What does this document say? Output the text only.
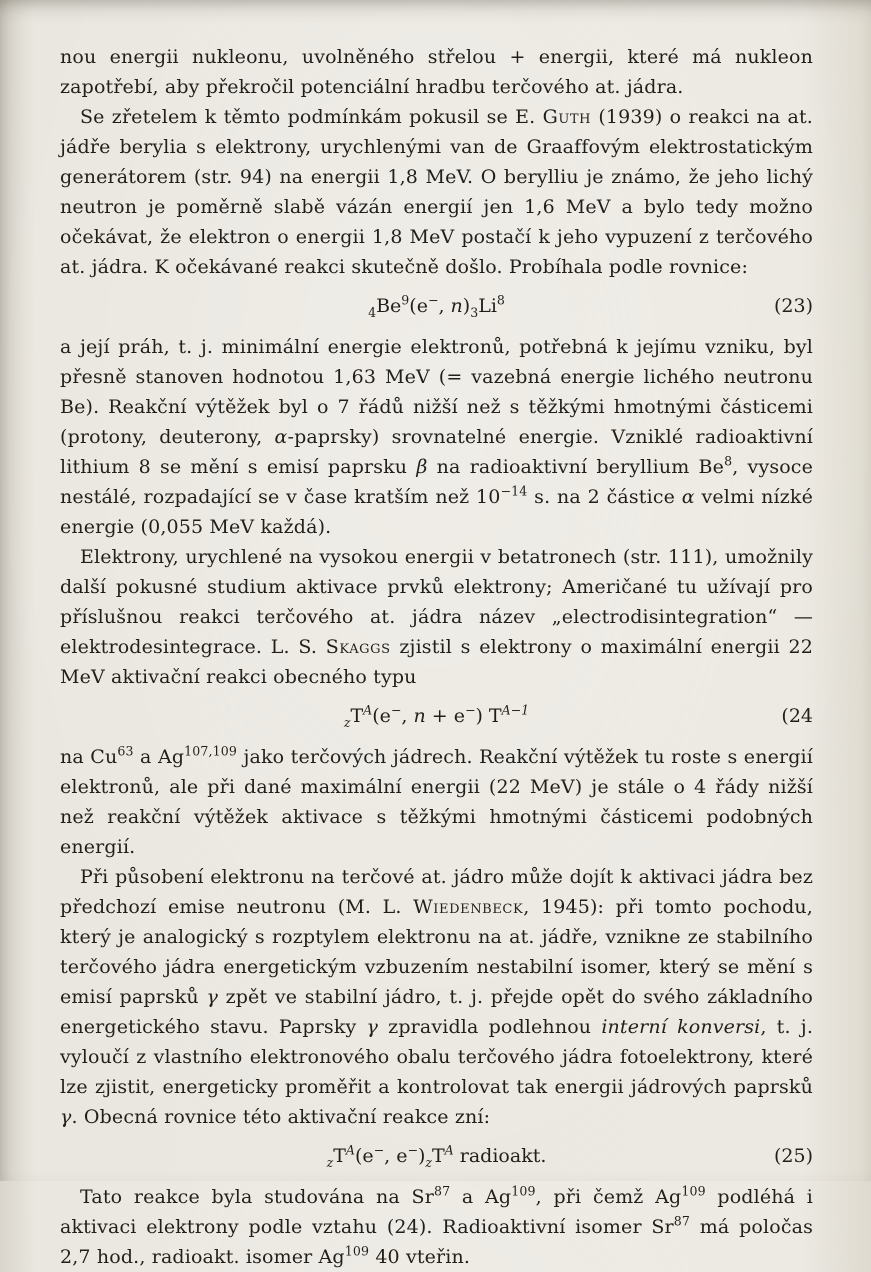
nou energii nukleonu, uvolněného střelou + energii, které má nukleon zapotřebí, aby překročil potenciální hradbu terčového at. jádra.

Se zřetelem k těmto podmínkám pokusil se E. Guth (1939) o reakci na at. jádře berylia s elektrony, urychlenými van de Graaffovým elektrostatickým generátorem (str. 94) na energii 1,8 MeV. O berylliu je známo, že jeho lichý neutron je poměrně slabě vázán energií jen 1,6 MeV a bylo tedy možno očekávat, že elektron o energii 1,8 MeV postačí k jeho vypuzení z terčového at. jádra. K očekávané reakci skutečně došlo. Probíhala podle rovnice:

$_4Be^9(e^-$, $n)_3Li^8$	(23)

a její práh, t. j. minimální energie elektronů, potřebná k jejímu vzniku, byl přesně stanoven hodnotou 1,63 MeV (= vazebná energie lichého neutronu Be). Reakční výtěžek byl o 7 řádů nižší než s těžkými hmotnými částicemi (protony, deuterony, α-paprsky) srovnatelné energie. Vzniklé radioaktivní lithium 8 se mění s emisí paprsku β na radioaktivní beryllium Be$^8$, vysoce nestálé, rozpadající se v čase kratším než $10^{-14}$ s. na 2 částice α velmi nízké energie (0,055 MeV každá).

Elektrony, urychlené na vysokou energii v betatronech (str. 111), umožnily další pokusné studium aktivace prvků elektrony; Američané tu užívají pro příslušnou reakci terčového at. jádra název „electrodisintegration“ — elektrodesintegrace. L. S. Skaggs zjistil s elektrony o maximální energii 22 MeV aktivační reakci obecného typu

$_zT^A(e^-$, n + e−) $T^{A-1}$	(24

na Cu$^{63}$ a Ag$^{107,109}$ jako terčových jádrech. Reakční výtěžek tu roste s energií elektronů, ale při dané maximální energii (22 MeV) je stále o 4 řády nižší než reakční výtěžek aktivace s těžkými hmotnými částicemi podobných energií.

Při působení elektronu na terčové at. jádro může dojít k aktivaci jádra bez předchozí emise neutronu (M. L. Wiedenbeck, 1945): při tomto pochodu, který je analogický s rozptylem elektronu na at. jádře, vznikne ze stabilního terčového jádra energetickým vzbuzením nestabilní isomer, který se mění s emisí paprsků γ zpět ve stabilní jádro, t. j. přejde opět do svého základního energetického stavu. Paprsky γ zpravidla podlehnou interní konversi, t. j. vyloučí z vlastního elektronového obalu terčového jádra fotoelektrony, které lze zjistit, energeticky proměřit a kontrolovat tak energii jádrových paprsků γ. Obecná rovnice této aktivační reakce zní:

$_zT^A(e^-$, $e^-)_zT^A$ radioakt.	(25)

Tato reakce byla studována na Sr$^{87}$ a Ag$^{109}$, při čemž Ag$^{109}$ podléhá i aktivaci elektrony podle vztahu (24). Radioaktivní isomer Sr$^{87}$ má poločas 2,7 hod., radioakt. isomer Ag$^{109}$ 40 vteřin.
